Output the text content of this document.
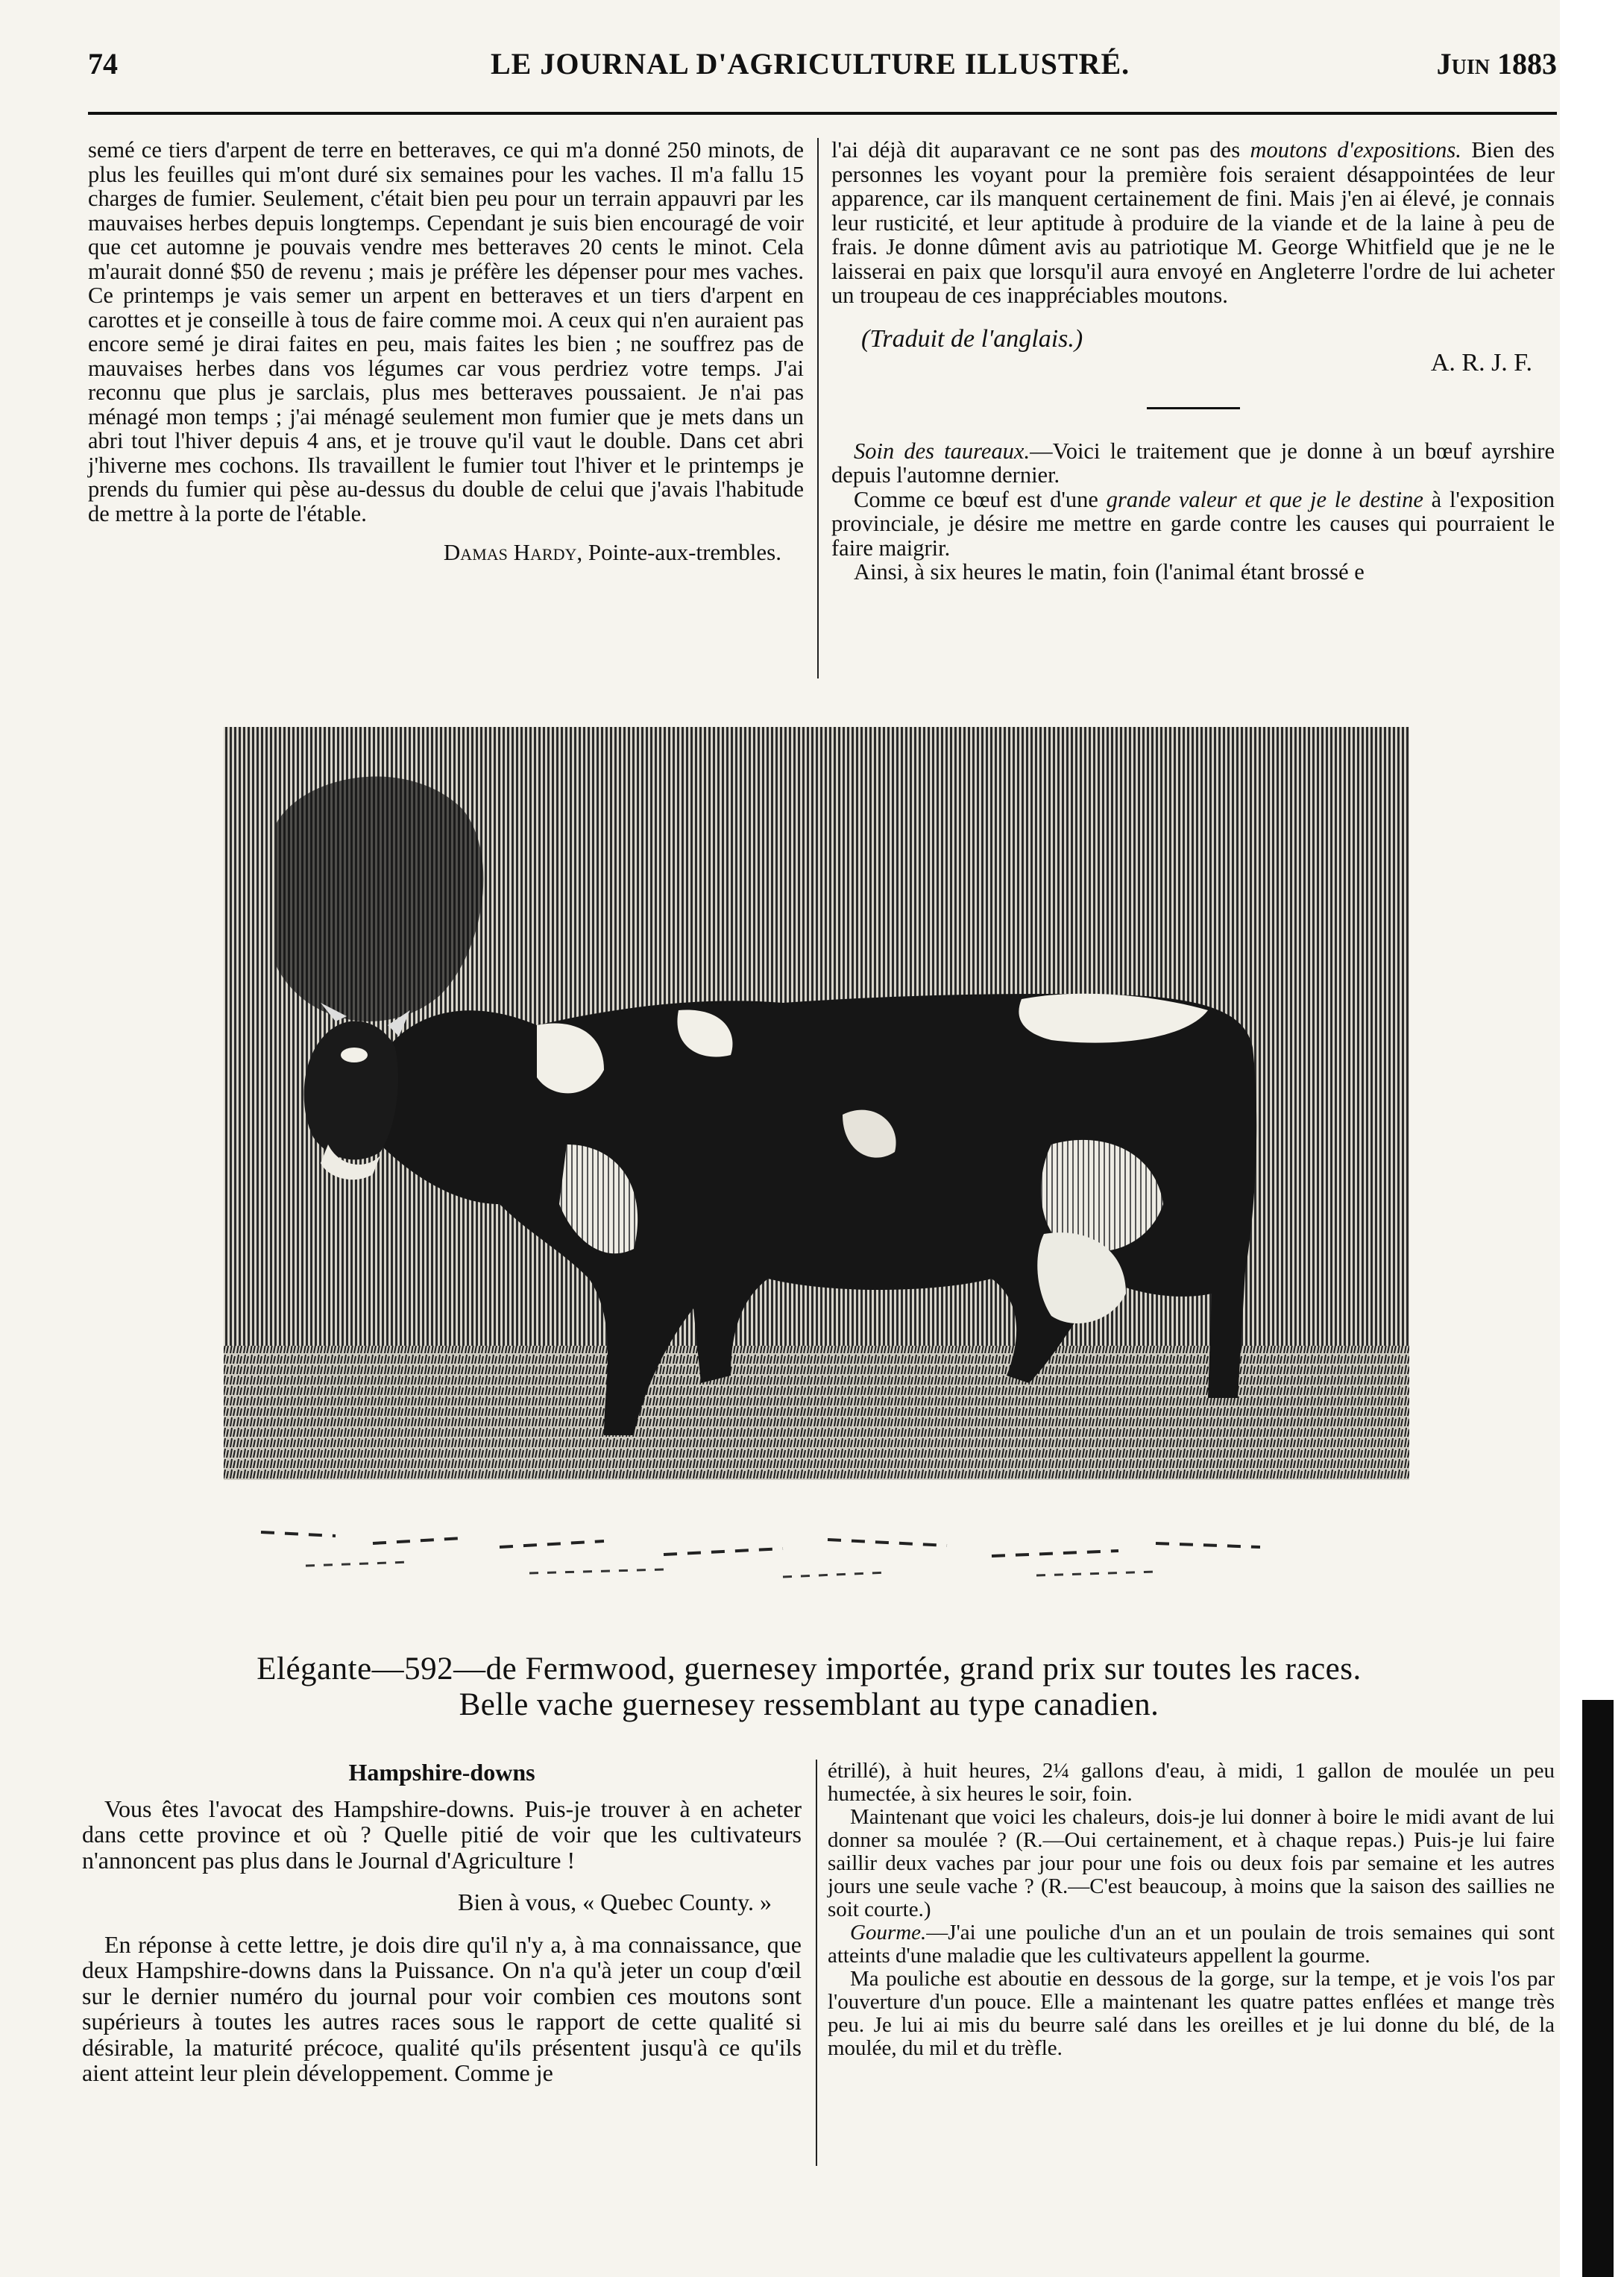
74	LE JOURNAL D'AGRICULTURE ILLUSTRÉ.	Juin 1883

semé ce tiers d'arpent de terre en betteraves, ce qui m'a donné 250 minots, de plus les feuilles qui m'ont duré six semaines pour les vaches. Il m'a fallu 15 charges de fumier. Seulement, c'était bien peu pour un terrain appauvri par les mauvaises herbes depuis longtemps. Cependant je suis bien encouragé de voir que cet automne je pouvais vendre mes betteraves 20 cents le minot. Cela m'aurait donné $50 de revenu ; mais je préfère les dépenser pour mes vaches. Ce printemps je vais semer un arpent en betteraves et un tiers d'arpent en carottes et je conseille à tous de faire comme moi. A ceux qui n'en auraient pas encore semé je dirai faites en peu, mais faites les bien ; ne souffrez pas de mauvaises herbes dans vos légumes car vous perdriez votre temps. J'ai reconnu que plus je sarclais, plus mes betteraves poussaient. Je n'ai pas ménagé mon temps ; j'ai ménagé seulement mon fumier que je mets dans un abri tout l'hiver depuis 4 ans, et je trouve qu'il vaut le double. Dans cet abri j'hiverne mes cochons. Ils travaillent le fumier tout l'hiver et le printemps je prends du fumier qui pèse au-dessus du double de celui que j'avais l'habitude de mettre à la porte de l'étable.

Damas Hardy, Pointe-aux-trembles.

l'ai déjà dit auparavant ce ne sont pas des moutons d'expositions. Bien des personnes les voyant pour la première fois seraient désappointées de leur apparence, car ils manquent certainement de fini. Mais j'en ai élevé, je connais leur rusticité, et leur aptitude à produire de la viande et de la laine à peu de frais. Je donne dûment avis au patriotique M. George Whitfield que je ne le laisserai en paix que lorsqu'il aura envoyé en Angleterre l'ordre de lui acheter un troupeau de ces inappréciables moutons.

(Traduit de l'anglais.)

A. R. J. F.

Soin des taureaux.—Voici le traitement que je donne à un bœuf ayrshire depuis l'automne dernier.

Comme ce bœuf est d'une grande valeur et que je le destine à l'exposition provinciale, je désire me mettre en garde contre les causes qui pourraient le faire maigrir.

Ainsi, à six heures le matin, foin (l'animal étant brossé e

Elégante—592—de Fermwood, guernesey importée, grand prix sur toutes les races.
Belle vache guernesey ressemblant au type canadien.

Hampshire-downs

Vous êtes l'avocat des Hampshire-downs. Puis-je trouver à en acheter dans cette province et où ? Quelle pitié de voir que les cultivateurs n'annoncent pas plus dans le Journal d'Agriculture !

Bien à vous, « Quebec County. »

En réponse à cette lettre, je dois dire qu'il n'y a, à ma connaissance, que deux Hampshire-downs dans la Puissance. On n'a qu'à jeter un coup d'œil sur le dernier numéro du journal pour voir combien ces moutons sont supérieurs à toutes les autres races sous le rapport de cette qualité si désirable, la maturité précoce, qualité qu'ils présentent jusqu'à ce qu'ils aient atteint leur plein développement. Comme je

étrillé), à huit heures, 2¼ gallons d'eau, à midi, 1 gallon de moulée un peu humectée, à six heures le soir, foin.

Maintenant que voici les chaleurs, dois-je lui donner à boire le midi avant de lui donner sa moulée ? (R.—Oui certainement, et à chaque repas.) Puis-je lui faire saillir deux vaches par jour pour une fois ou deux fois par semaine et les autres jours une seule vache ? (R.—C'est beaucoup, à moins que la saison des saillies ne soit courte.)

Gourme.—J'ai une pouliche d'un an et un poulain de trois semaines qui sont atteints d'une maladie que les cultivateurs appellent la gourme.

Ma pouliche est aboutie en dessous de la gorge, sur la tempe, et je vois l'os par l'ouverture d'un pouce. Elle a maintenant les quatre pattes enflées et mange très peu. Je lui ai mis du beurre salé dans les oreilles et je lui donne du blé, de la moulée, du mil et du trèfle.
